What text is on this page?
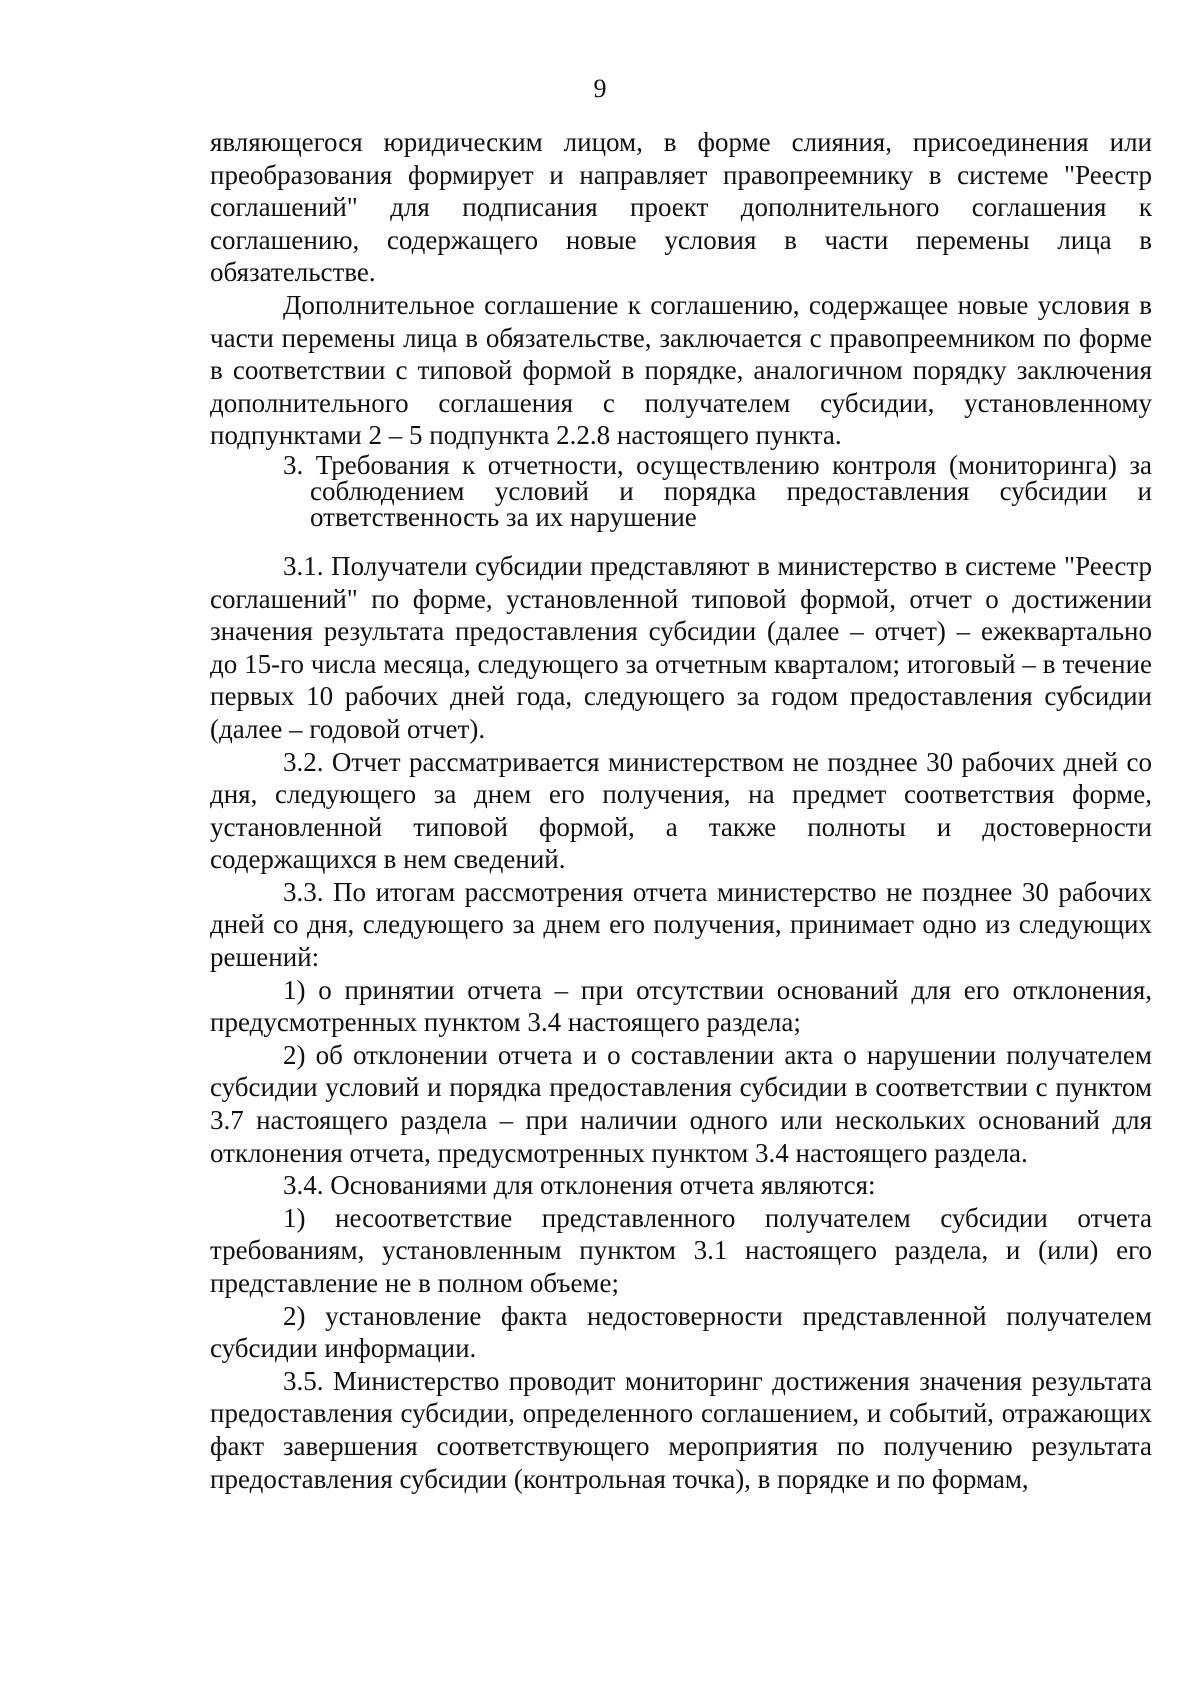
9

являющегося юридическим лицом, в форме слияния, присоединения или преобразования формирует и направляет правопреемнику в системе "Реестр соглашений" для подписания проект дополнительного соглашения к соглашению, содержащего новые условия в части перемены лица в обязательстве.

Дополнительное соглашение к соглашению, содержащее новые условия в части перемены лица в обязательстве, заключается с правопреемником по форме в соответствии с типовой формой в порядке, аналогичном порядку заключения дополнительного соглашения с получателем субсидии, установленному подпунктами 2 – 5 подпункта 2.2.8 настоящего пункта.

3. Требования к отчетности, осуществлению контроля (мониторинга) за соблюдением условий и порядка предоставления субсидии и ответственность за их нарушение

3.1. Получатели субсидии представляют в министерство в системе "Реестр соглашений" по форме, установленной типовой формой, отчет о достижении значения результата предоставления субсидии (далее – отчет) – ежеквартально до 15-го числа месяца, следующего за отчетным кварталом; итоговый – в течение первых 10 рабочих дней года, следующего за годом предоставления субсидии (далее – годовой отчет).

3.2. Отчет рассматривается министерством не позднее 30 рабочих дней со дня, следующего за днем его получения, на предмет соответствия форме, установленной типовой формой, а также полноты и достоверности содержащихся в нем сведений.

3.3. По итогам рассмотрения отчета министерство не позднее 30 рабочих дней со дня, следующего за днем его получения, принимает одно из следующих решений:

1) о принятии отчета – при отсутствии оснований для его отклонения, предусмотренных пунктом 3.4 настоящего раздела;

2) об отклонении отчета и о составлении акта о нарушении получателем субсидии условий и порядка предоставления субсидии в соответствии с пунктом 3.7 настоящего раздела – при наличии одного или нескольких оснований для отклонения отчета, предусмотренных пунктом 3.4 настоящего раздела.

3.4. Основаниями для отклонения отчета являются:

1) несоответствие представленного получателем субсидии отчета требованиям, установленным пунктом 3.1 настоящего раздела, и (или) его представление не в полном объеме;

2) установление факта недостоверности представленной получателем субсидии информации.

3.5. Министерство проводит мониторинг достижения значения результата предоставления субсидии, определенного соглашением, и событий, отражающих факт завершения соответствующего мероприятия по получению результата предоставления субсидии (контрольная точка), в порядке и по формам,
